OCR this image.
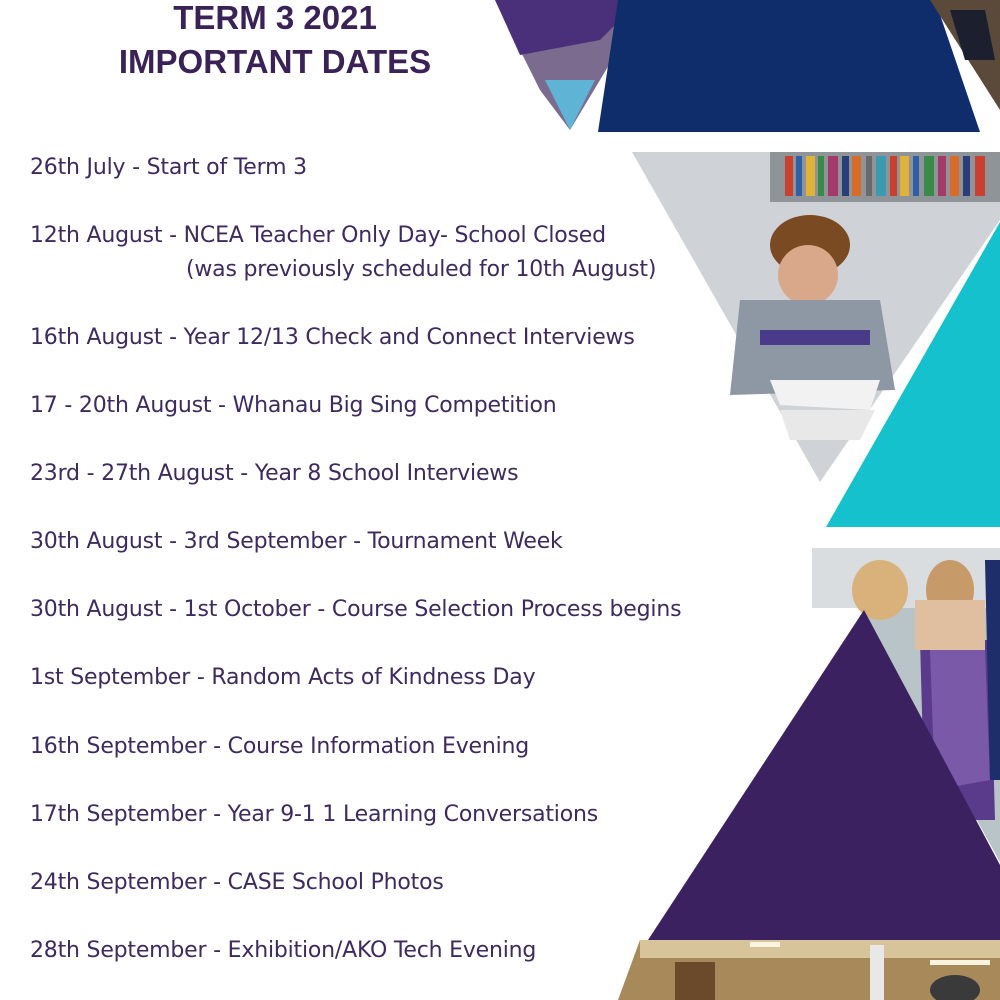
TERM 3 2021
IMPORTANT DATES
26th July - Start of Term 3
12th August - NCEA Teacher Only Day- School Closed
(was previously scheduled for 10th August)
16th August - Year 12/13 Check and Connect Interviews
17 - 20th August - Whanau Big Sing Competition
23rd - 27th August - Year 8 School Interviews
30th August - 3rd September - Tournament Week
30th August - 1st October - Course Selection Process begins
1st September - Random Acts of Kindness Day
16th September - Course Information Evening
17th September - Year 9-1 1 Learning Conversations
24th September - CASE School Photos
28th September - Exhibition/AKO Tech Evening
